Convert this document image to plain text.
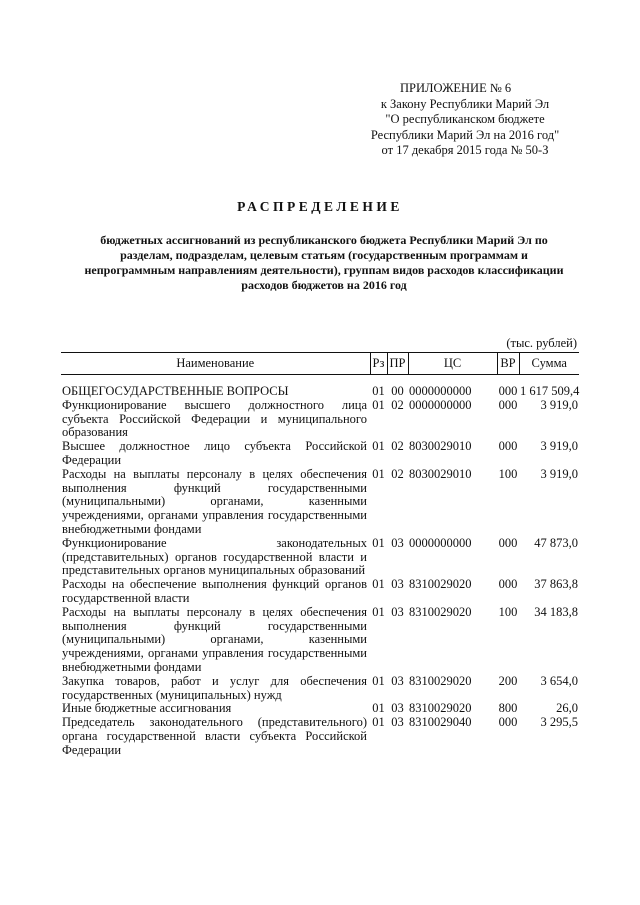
ПРИЛОЖЕНИЕ № 6
к Закону Республики Марий Эл
"О республиканском бюджете
Республики Марий Эл на 2016 год"
от 17 декабря 2015 года № 50-З
РАСПРЕДЕЛЕНИЕ
бюджетных ассигнований из республиканского бюджета Республики Марий Эл по разделам, подразделам, целевым статьям (государственным программам и непрограммным направлениям деятельности), группам видов расходов классификации расходов бюджетов на 2016 год
(тыс. рублей)
Наименование	Рз	ПР	ЦС	ВР	Сумма
ОБЩЕГОСУДАРСТВЕННЫЕ ВОПРОСЫ	01	00	0000000000	000	1 617 509,4
Функционирование высшего должностного лица субъекта Российской Федерации и муниципального образования	01	02	0000000000	000	3 919,0
Высшее должностное лицо субъекта Российской Федерации	01	02	8030029010	000	3 919,0
Расходы на выплаты персоналу в целях обеспечения выполнения функций государственными (муниципальными) органами, казенными учреждениями, органами управления государственными внебюджетными фондами	01	02	8030029010	100	3 919,0
Функционирование законодательных (представительных) органов государственной власти и представительных органов муниципальных образований	01	03	0000000000	000	47 873,0
Расходы на обеспечение выполнения функций органов государственной власти	01	03	8310029020	000	37 863,8
Расходы на выплаты персоналу в целях обеспечения выполнения функций государственными (муниципальными) органами, казенными учреждениями, органами управления государственными внебюджетными фондами	01	03	8310029020	100	34 183,8
Закупка товаров, работ и услуг для обеспечения государственных (муниципальных) нужд	01	03	8310029020	200	3 654,0
Иные бюджетные ассигнования	01	03	8310029020	800	26,0
Председатель законодательного (представительного) органа государственной власти субъекта Российской Федерации	01	03	8310029040	000	3 295,5
